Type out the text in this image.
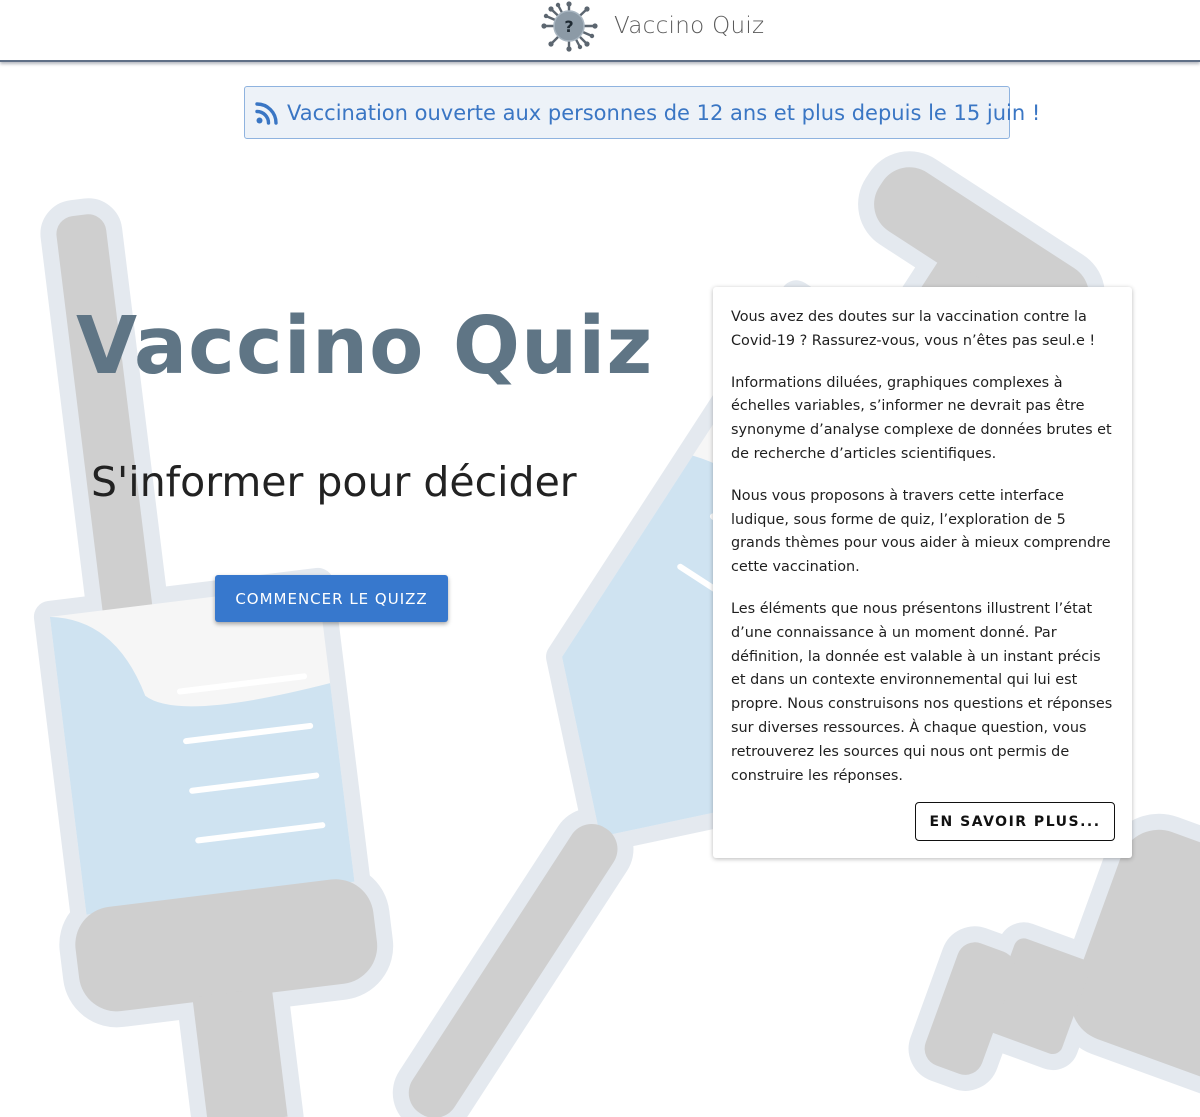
? Vaccino Quiz
Vaccination ouverte aux personnes de 12 ans et plus depuis le 15 juin !
Vaccino Quiz
S'informer pour décider
COMMENCER LE QUIZZ

Vous avez des doutes sur la vaccination contre la Covid-19 ? Rassurez-vous, vous n’êtes pas seul.e !

Informations diluées, graphiques complexes à échelles variables, s’informer ne devrait pas être synonyme d’analyse complexe de données brutes et de recherche d’articles scientifiques.

Nous vous proposons à travers cette interface ludique, sous forme de quiz, l’exploration de 5 grands thèmes pour vous aider à mieux comprendre cette vaccination.

Les éléments que nous présentons illustrent l’état d’une connaissance à un moment donné. Par définition, la donnée est valable à un instant précis et dans un contexte environnemental qui lui est propre. Nous construisons nos questions et réponses sur diverses ressources. À chaque question, vous retrouverez les sources qui nous ont permis de construire les réponses.

EN SAVOIR PLUS...
